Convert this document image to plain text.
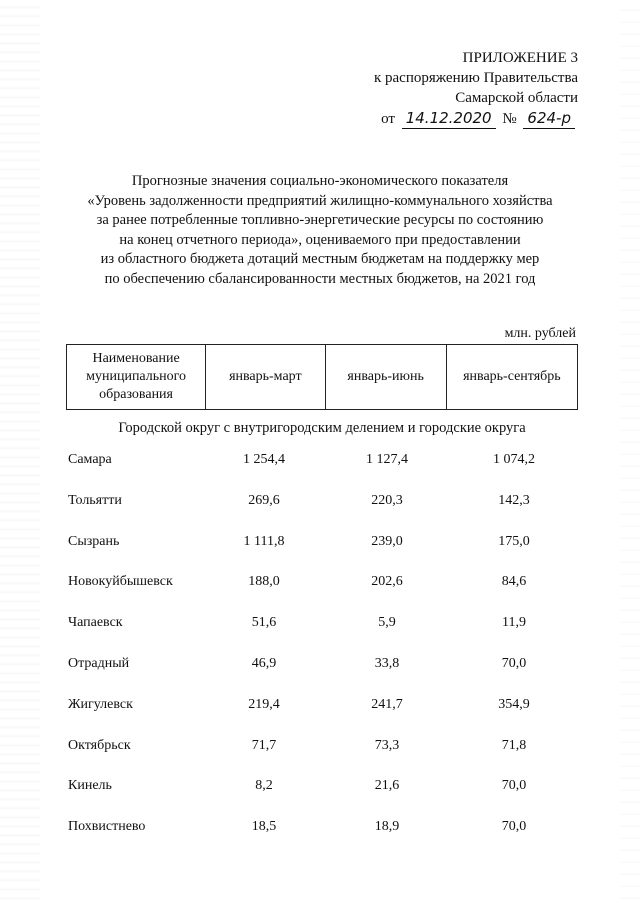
ПРИЛОЖЕНИЕ 3
к распоряжению Правительства
Самарской области
от 14.12.2020 № 624-р
Прогнозные значения социально-экономического показателя
«Уровень задолженности предприятий жилищно-коммунального хозяйства
за ранее потребленные топливно-энергетические ресурсы по состоянию
на конец отчетного периода», оцениваемого при предоставлении
из областного бюджета дотаций местным бюджетам на поддержку мер
по обеспечению сбалансированности местных бюджетов, на 2021 год
млн. рублей
Наименование муниципального образования	январь-март	январь-июнь	январь-сентябрь
Городской округ с внутригородским делением и городские округа
Самара	1 254,4	1 127,4	1 074,2
Тольятти	269,6	220,3	142,3
Сызрань	1 111,8	239,0	175,0
Новокуйбышевск	188,0	202,6	84,6
Чапаевск	51,6	5,9	11,9
Отрадный	46,9	33,8	70,0
Жигулевск	219,4	241,7	354,9
Октябрьск	71,7	73,3	71,8
Кинель	8,2	21,6	70,0
Похвистнево	18,5	18,9	70,0
